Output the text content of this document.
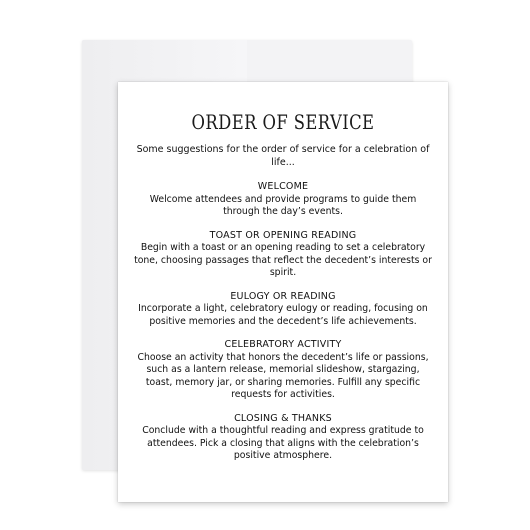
ORDER OF SERVICE
Some suggestions for the order of service for a celebration of life...
WELCOME
Welcome attendees and provide programs to guide them through the day’s events.
TOAST OR OPENING READING
Begin with a toast or an opening reading to set a celebratory tone, choosing passages that reflect the decedent’s interests or spirit.
EULOGY OR READING
Incorporate a light, celebratory eulogy or reading, focusing on positive memories and the decedent’s life achievements.
CELEBRATORY ACTIVITY
Choose an activity that honors the decedent’s life or passions, such as a lantern release, memorial slideshow, stargazing, toast, memory jar, or sharing memories. Fulfill any specific requests for activities.
CLOSING & THANKS
Conclude with a thoughtful reading and express gratitude to attendees. Pick a closing that aligns with the celebration’s positive atmosphere.
